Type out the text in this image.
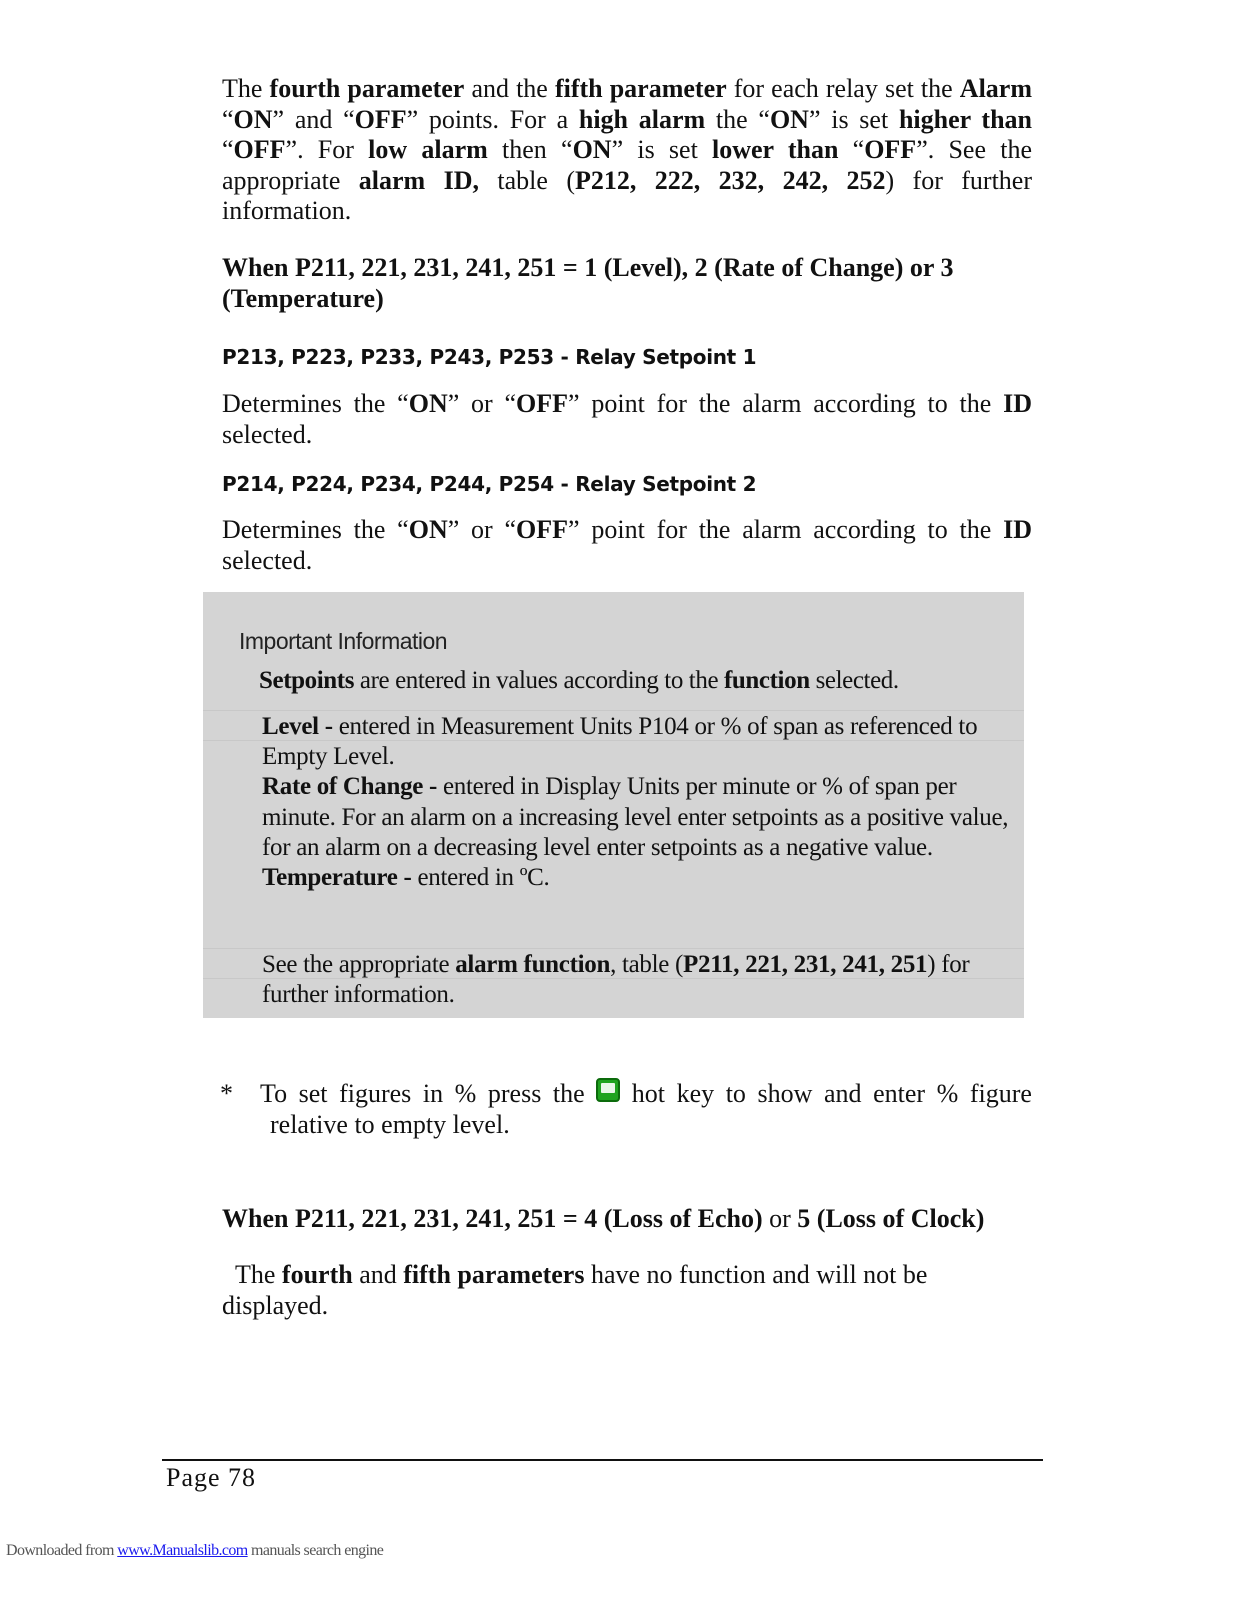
The fourth parameter and the fifth parameter for each relay set the Alarm “ON” and “OFF” points. For a high alarm the “ON” is set higher than “OFF”. For low alarm then “ON” is set lower than “OFF”. See the appropriate alarm ID, table (P212, 222, 232, 242, 252) for further information.

When P211, 221, 231, 241, 251 = 1 (Level), 2 (Rate of Change) or 3 (Temperature)

P213, P223, P233, P243, P253 - Relay Setpoint 1

Determines the “ON” or “OFF” point for the alarm according to the ID selected.

P214, P224, P234, P244, P254 - Relay Setpoint 2

Determines the “ON” or “OFF” point for the alarm according to the ID selected.

Important Information
Setpoints are entered in values according to the function selected.
Level - entered in Measurement Units P104 or % of span as referenced to Empty Level.
Rate of Change - entered in Display Units per minute or % of span per minute. For an alarm on a increasing level enter setpoints as a positive value, for an alarm on a decreasing level enter setpoints as a negative value.
Temperature - entered in ºC.
See the appropriate alarm function, table (P211, 221, 231, 241, 251) for further information.
* To set figures in % press the hot key to show and enter % figure
relative to empty level.

When P211, 221, 231, 241, 251 = 4 (Loss of Echo) or 5 (Loss of Clock)

The fourth and fifth parameters have no function and will not be displayed.

Page 78
Downloaded from www.Manualslib.com manuals search engine
